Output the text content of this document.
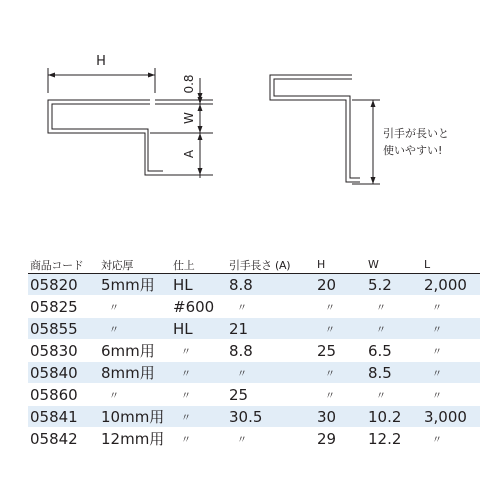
H
0.8
W
A
引手が長いと
使いやすい!
商品コード	対応厚	仕上	引手長さ (A)	H	W	L
05820	5mm用	HL	8.8	20	5.2	2,000
05825	〃	#600	〃	〃	〃	〃
05855	〃	HL	21	〃	〃	〃
05830	6mm用	〃	8.8	25	6.5	〃
05840	8mm用	〃	〃	〃	8.5	〃
05860	〃	〃	25	〃	〃	〃
05841	10mm用	〃	30.5	30	10.2	3,000
05842	12mm用	〃	〃	29	12.2	〃
